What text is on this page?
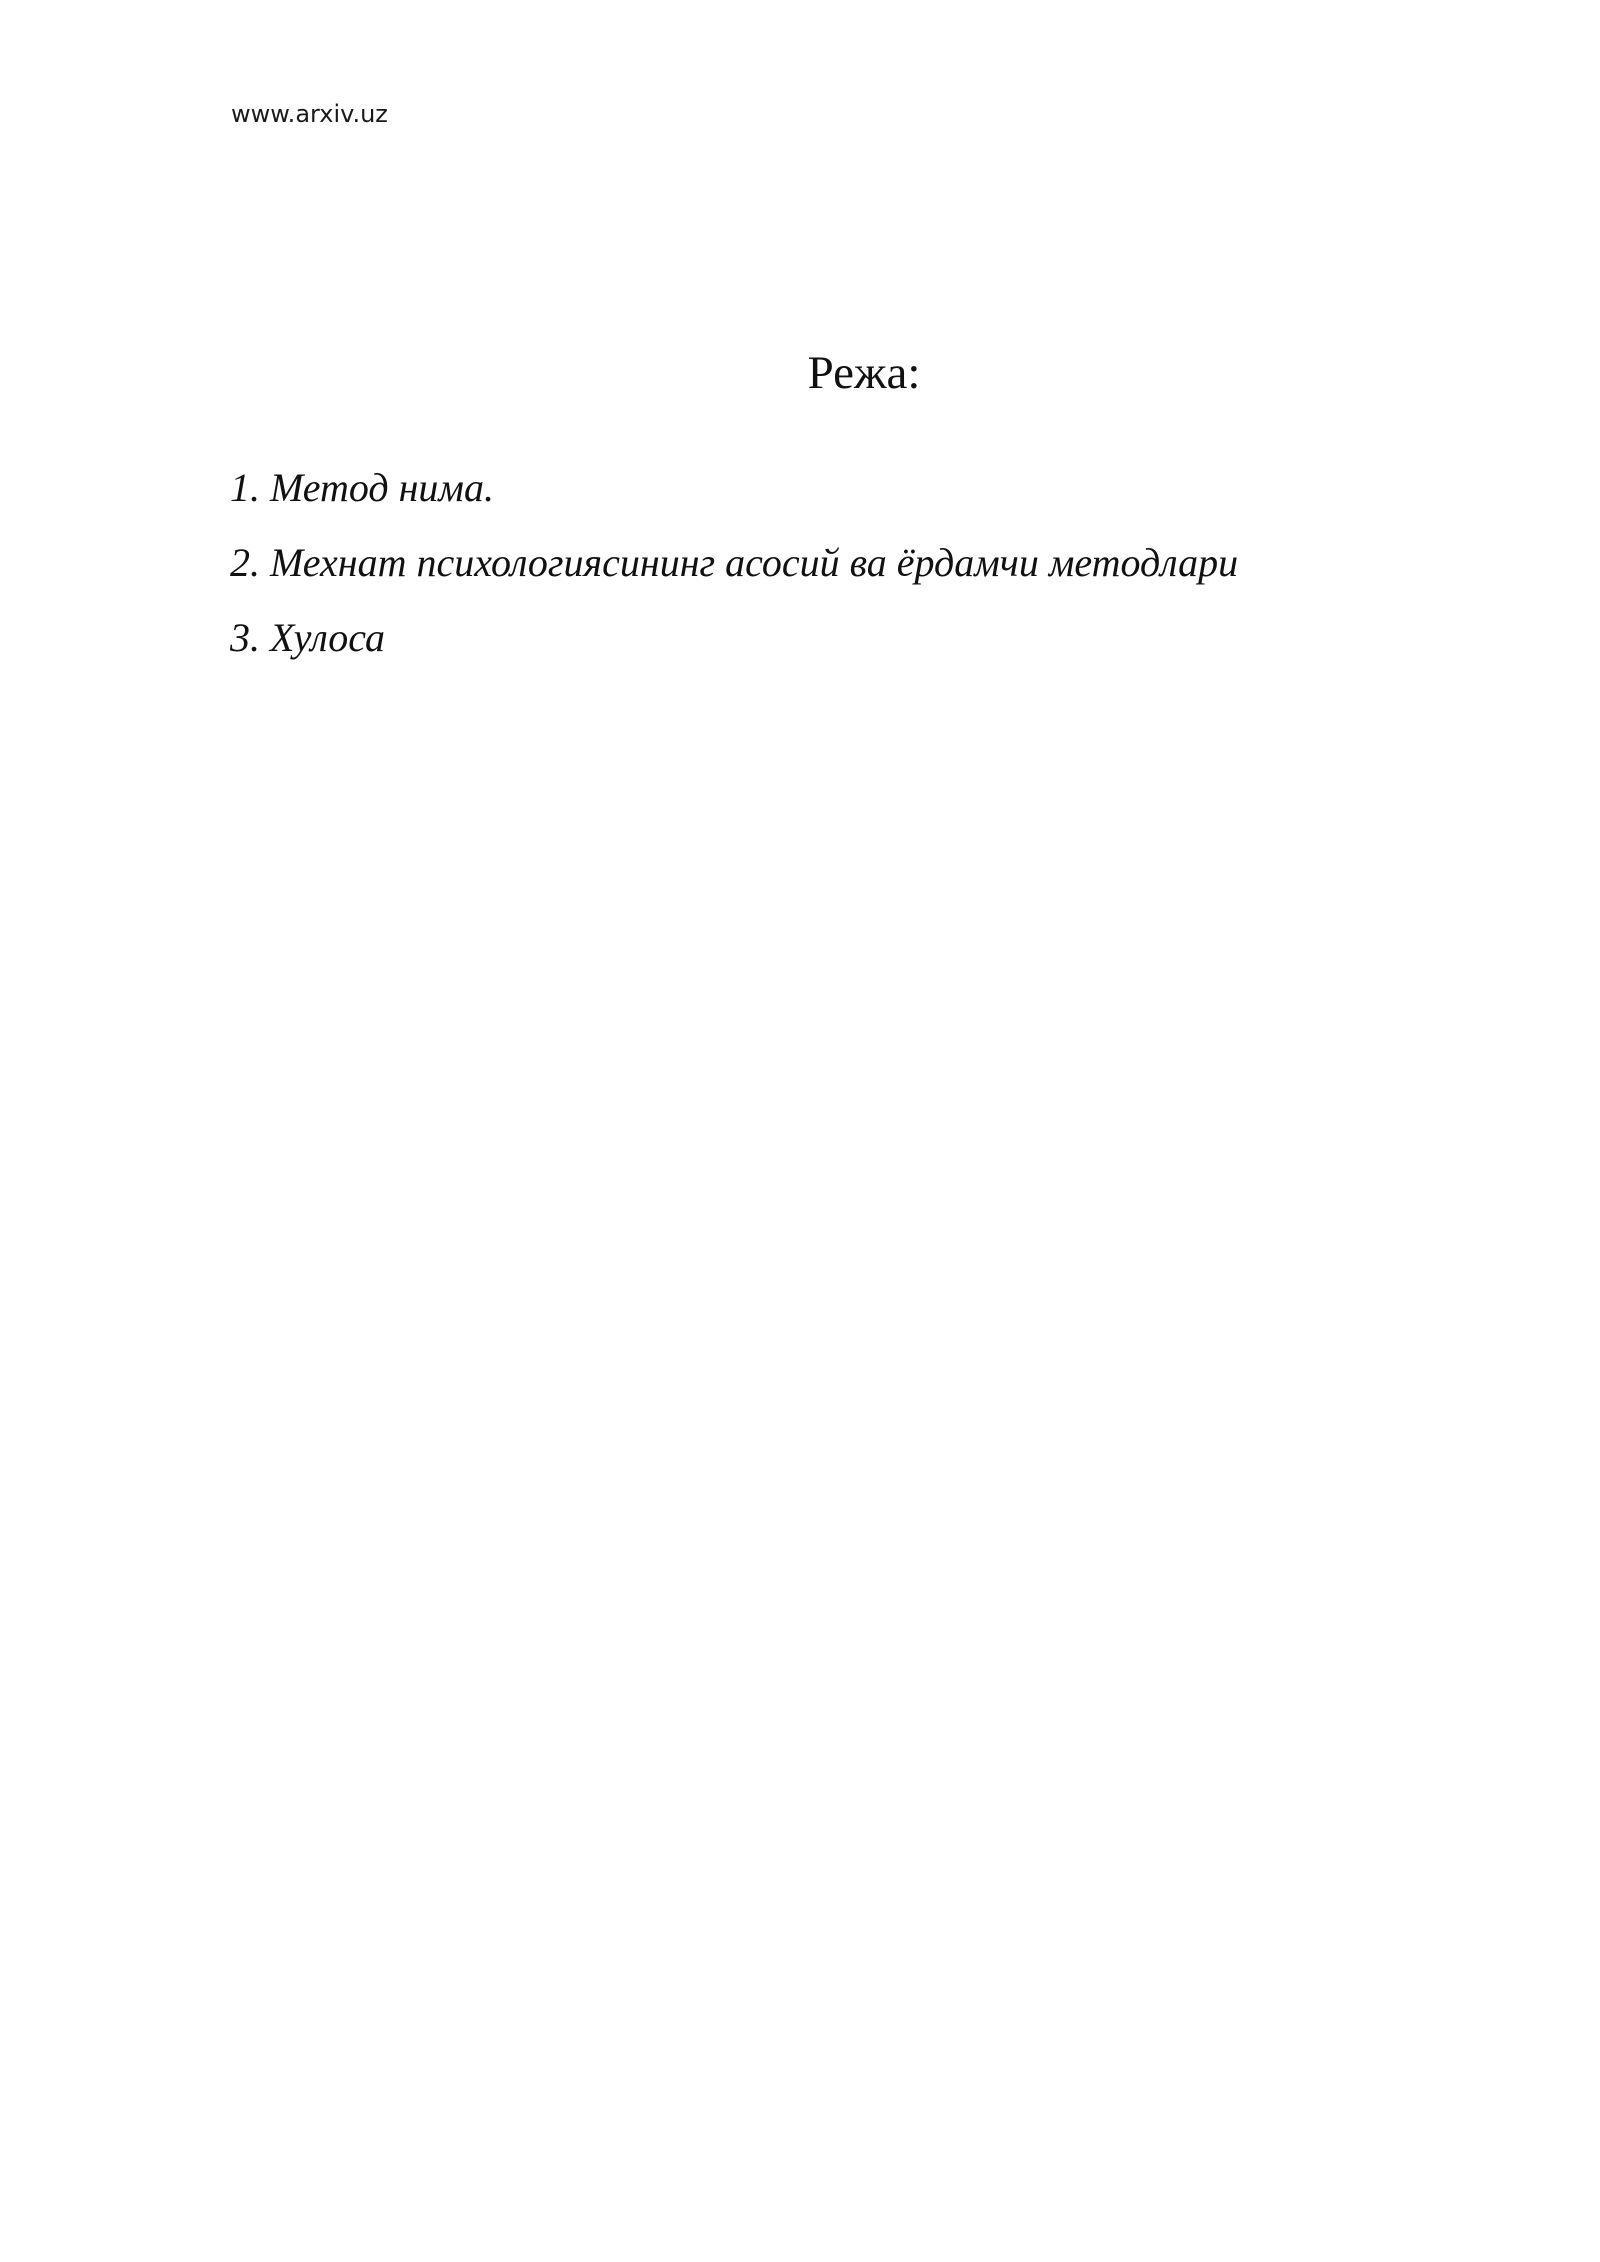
www.arxiv.uz
Режа:
1. Метод нима.
2. Мехнат психологиясининг асосий ва ёрдамчи методлари
3. Хулоса
